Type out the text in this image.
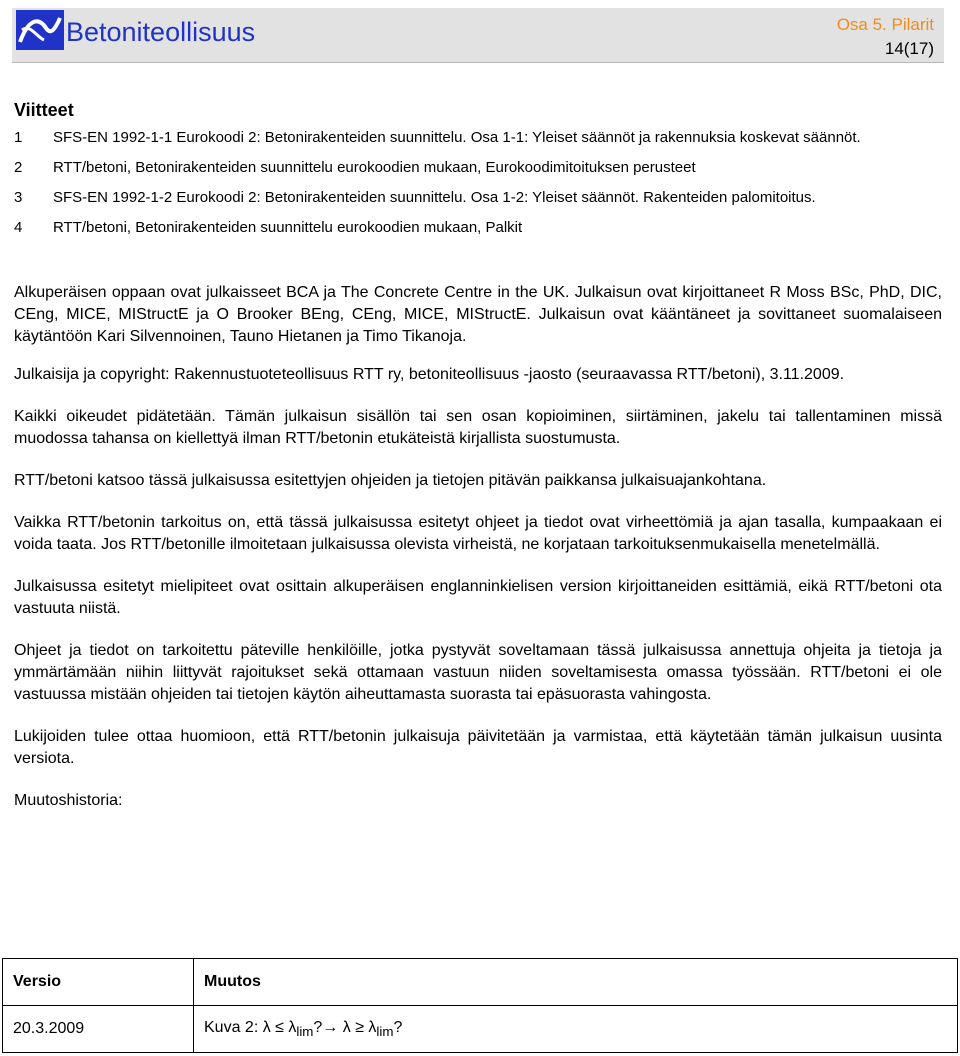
Betoniteollisuus	Osa 5. Pilarit
14(17)
Viitteet
1	SFS-EN 1992-1-1 Eurokoodi 2: Betonirakenteiden suunnittelu. Osa 1-1: Yleiset säännöt ja rakennuksia koskevat säännöt.
2	RTT/betoni, Betonirakenteiden suunnittelu eurokoodien mukaan, Eurokoodimitoituksen perusteet
3	SFS-EN 1992-1-2 Eurokoodi 2: Betonirakenteiden suunnittelu. Osa 1-2: Yleiset säännöt. Rakenteiden palomitoitus.
4	RTT/betoni, Betonirakenteiden suunnittelu eurokoodien mukaan, Palkit

Alkuperäisen oppaan ovat julkaisseet BCA ja The Concrete Centre in the UK. Julkaisun ovat kirjoittaneet R Moss BSc, PhD, DIC, CEng, MICE, MIStructE ja O Brooker BEng, CEng, MICE, MIStructE. Julkaisun ovat kääntäneet ja sovittaneet suomalaiseen käytäntöön Kari Silvennoinen, Tauno Hietanen ja Timo Tikanoja.

Julkaisija ja copyright: Rakennustuoteteollisuus RTT ry, betoniteollisuus -jaosto (seuraavassa RTT/betoni), 3.11.2009.

Kaikki oikeudet pidätetään. Tämän julkaisun sisällön tai sen osan kopioiminen, siirtäminen, jakelu tai tallentaminen missä muodossa tahansa on kiellettyä ilman RTT/betonin etukäteistä kirjallista suostumusta.

RTT/betoni katsoo tässä julkaisussa esitettyjen ohjeiden ja tietojen pitävän paikkansa julkaisuajankohtana.

Vaikka RTT/betonin tarkoitus on, että tässä julkaisussa esitetyt ohjeet ja tiedot ovat virheettömiä ja ajan tasalla, kumpaakaan ei voida taata. Jos RTT/betonille ilmoitetaan julkaisussa olevista virheistä, ne korjataan tarkoituksenmukaisella menetelmällä.

Julkaisussa esitetyt mielipiteet ovat osittain alkuperäisen englanninkielisen version kirjoittaneiden esittämiä, eikä RTT/betoni ota vastuuta niistä.

Ohjeet ja tiedot on tarkoitettu päteville henkilöille, jotka pystyvät soveltamaan tässä julkaisussa annettuja ohjeita ja tietoja ja ymmärtämään niihin liittyvät rajoitukset sekä ottamaan vastuun niiden soveltamisesta omassa työssään. RTT/betoni ei ole vastuussa mistään ohjeiden tai tietojen käytön aiheuttamasta suorasta tai epäsuorasta vahingosta.

Lukijoiden tulee ottaa huomioon, että RTT/betonin julkaisuja päivitetään ja varmistaa, että käytetään tämän julkaisun uusinta versiota.

Muutoshistoria:
Versio	Muutos
20.3.2009	Kuva 2: $\lambda \le \lambda_{lim}?\to \lambda \ge \lambda_{lim}$?
